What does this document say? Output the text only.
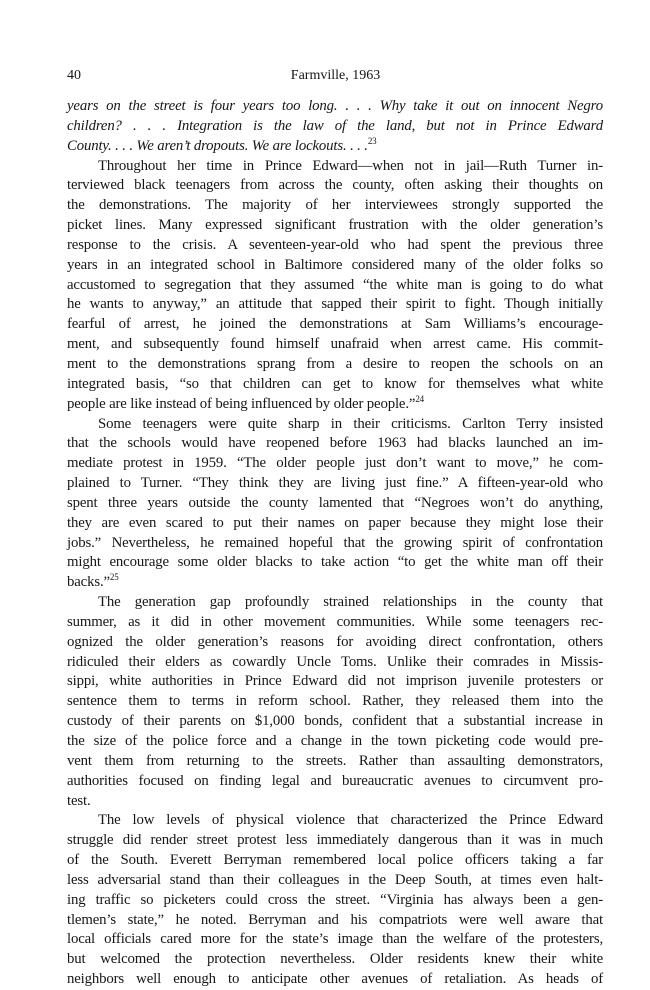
40	Farmville, 1963
years on the street is four years too long. . . . Why take it out on innocent Negro
children? . . . Integration is the law of the land, but not in Prince Edward
County. . . . We aren’t dropouts. We are lockouts. . . .$^{23}$
Throughout her time in Prince Edward—when not in jail—Ruth Turner in-
terviewed black teenagers from across the county, often asking their thoughts on
the demonstrations. The majority of her interviewees strongly supported the
picket lines. Many expressed significant frustration with the older generation’s
response to the crisis. A seventeen-year-old who had spent the previous three
years in an integrated school in Baltimore considered many of the older folks so
accustomed to segregation that they assumed “the white man is going to do what
he wants to anyway,” an attitude that sapped their spirit to fight. Though initially
fearful of arrest, he joined the demonstrations at Sam Williams’s encourage-
ment, and subsequently found himself unafraid when arrest came. His commit-
ment to the demonstrations sprang from a desire to reopen the schools on an
integrated basis, “so that children can get to know for themselves what white
people are like instead of being influenced by older people.”$^{24}$
Some teenagers were quite sharp in their criticisms. Carlton Terry insisted
that the schools would have reopened before 1963 had blacks launched an im-
mediate protest in 1959. “The older people just don’t want to move,” he com-
plained to Turner. “They think they are living just fine.” A fifteen-year-old who
spent three years outside the county lamented that “Negroes won’t do anything,
they are even scared to put their names on paper because they might lose their
jobs.” Nevertheless, he remained hopeful that the growing spirit of confrontation
might encourage some older blacks to take action “to get the white man off their
backs.”$^{25}$
The generation gap profoundly strained relationships in the county that
summer, as it did in other movement communities. While some teenagers rec-
ognized the older generation’s reasons for avoiding direct confrontation, others
ridiculed their elders as cowardly Uncle Toms. Unlike their comrades in Missis-
sippi, white authorities in Prince Edward did not imprison juvenile protesters or
sentence them to terms in reform school. Rather, they released them into the
custody of their parents on $1,000 bonds, confident that a substantial increase in
the size of the police force and a change in the town picketing code would pre-
vent them from returning to the streets. Rather than assaulting demonstrators,
authorities focused on finding legal and bureaucratic avenues to circumvent pro-
test.
The low levels of physical violence that characterized the Prince Edward
struggle did render street protest less immediately dangerous than it was in much
of the South. Everett Berryman remembered local police officers taking a far
less adversarial stand than their colleagues in the Deep South, at times even halt-
ing traffic so picketers could cross the street. “Virginia has always been a gen-
tlemen’s state,” he noted. Berryman and his compatriots were well aware that
local officials cared more for the state’s image than the welfare of the protesters,
but welcomed the protection nevertheless. Older residents knew their white
neighbors well enough to anticipate other avenues of retaliation. As heads of
